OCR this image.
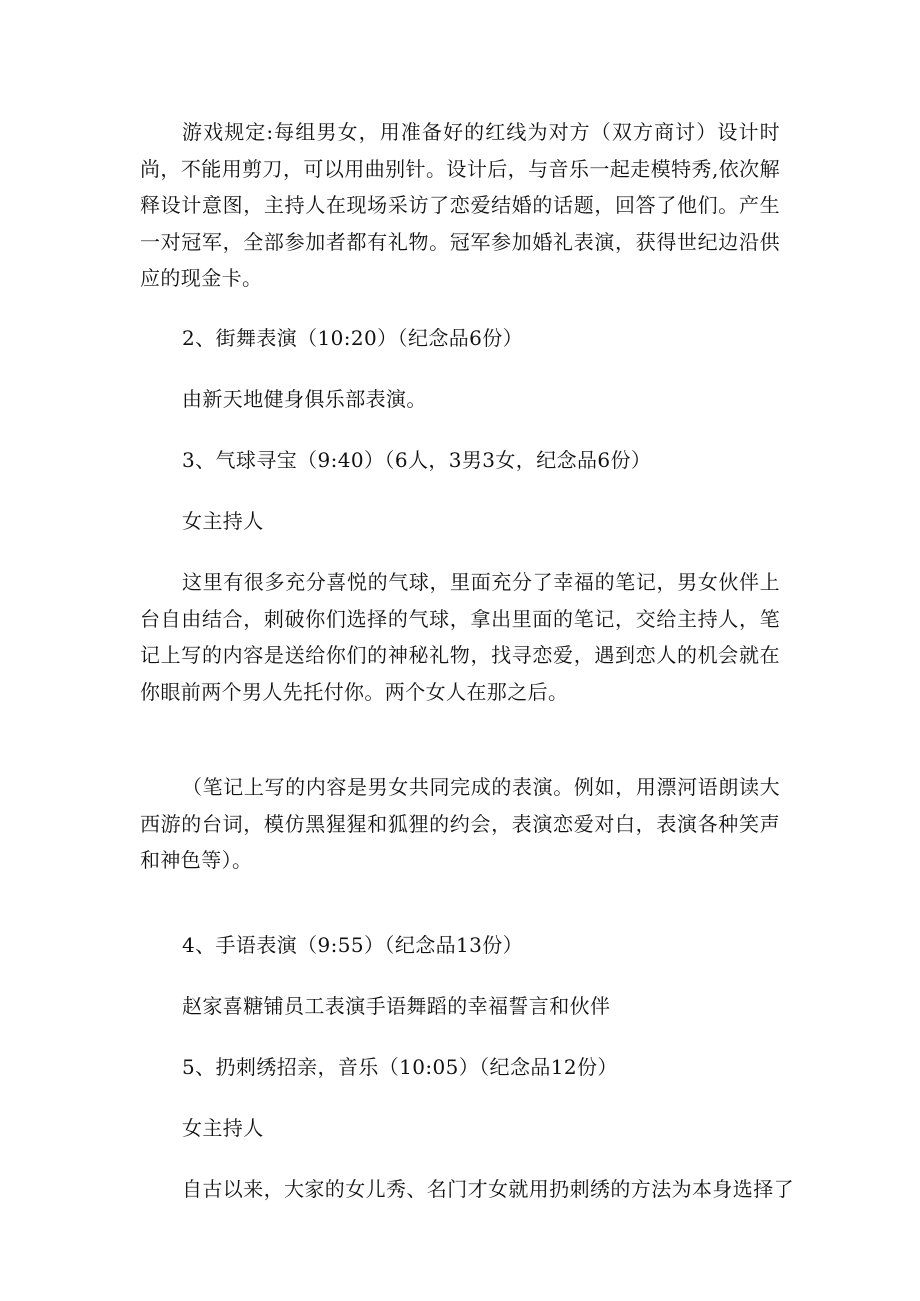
游戏规定:每组男女，用准备好的红线为对方（双方商讨）设计时尚，不能用剪刀，可以用曲别针。设计后，与音乐一起走模特秀,依次解释设计意图，主持人在现场采访了恋爱结婚的话题，回答了他们。产生一对冠军，全部参加者都有礼物。冠军参加婚礼表演，获得世纪边沿供应的现金卡。

2、街舞表演（10:20）（纪念品6份）

由新天地健身俱乐部表演。

3、气球寻宝（9:40）（6人，3男3女，纪念品6份）

女主持人

这里有很多充分喜悦的气球，里面充分了幸福的笔记，男女伙伴上台自由结合，刺破你们选择的气球，拿出里面的笔记，交给主持人，笔记上写的内容是送给你们的神秘礼物，找寻恋爱，遇到恋人的机会就在你眼前两个男人先托付你。两个女人在那之后。

（笔记上写的内容是男女共同完成的表演。例如，用漂河语朗读大西游的台词，模仿黑猩猩和狐狸的约会，表演恋爱对白，表演各种笑声和神色等）。

4、手语表演（9:55）（纪念品13份）

赵家喜糖铺员工表演手语舞蹈的幸福誓言和伙伴

5、扔刺绣招亲，音乐（10:05）（纪念品12份）

女主持人

自古以来，大家的女儿秀、名门才女就用扔刺绣的方法为本身选择了
